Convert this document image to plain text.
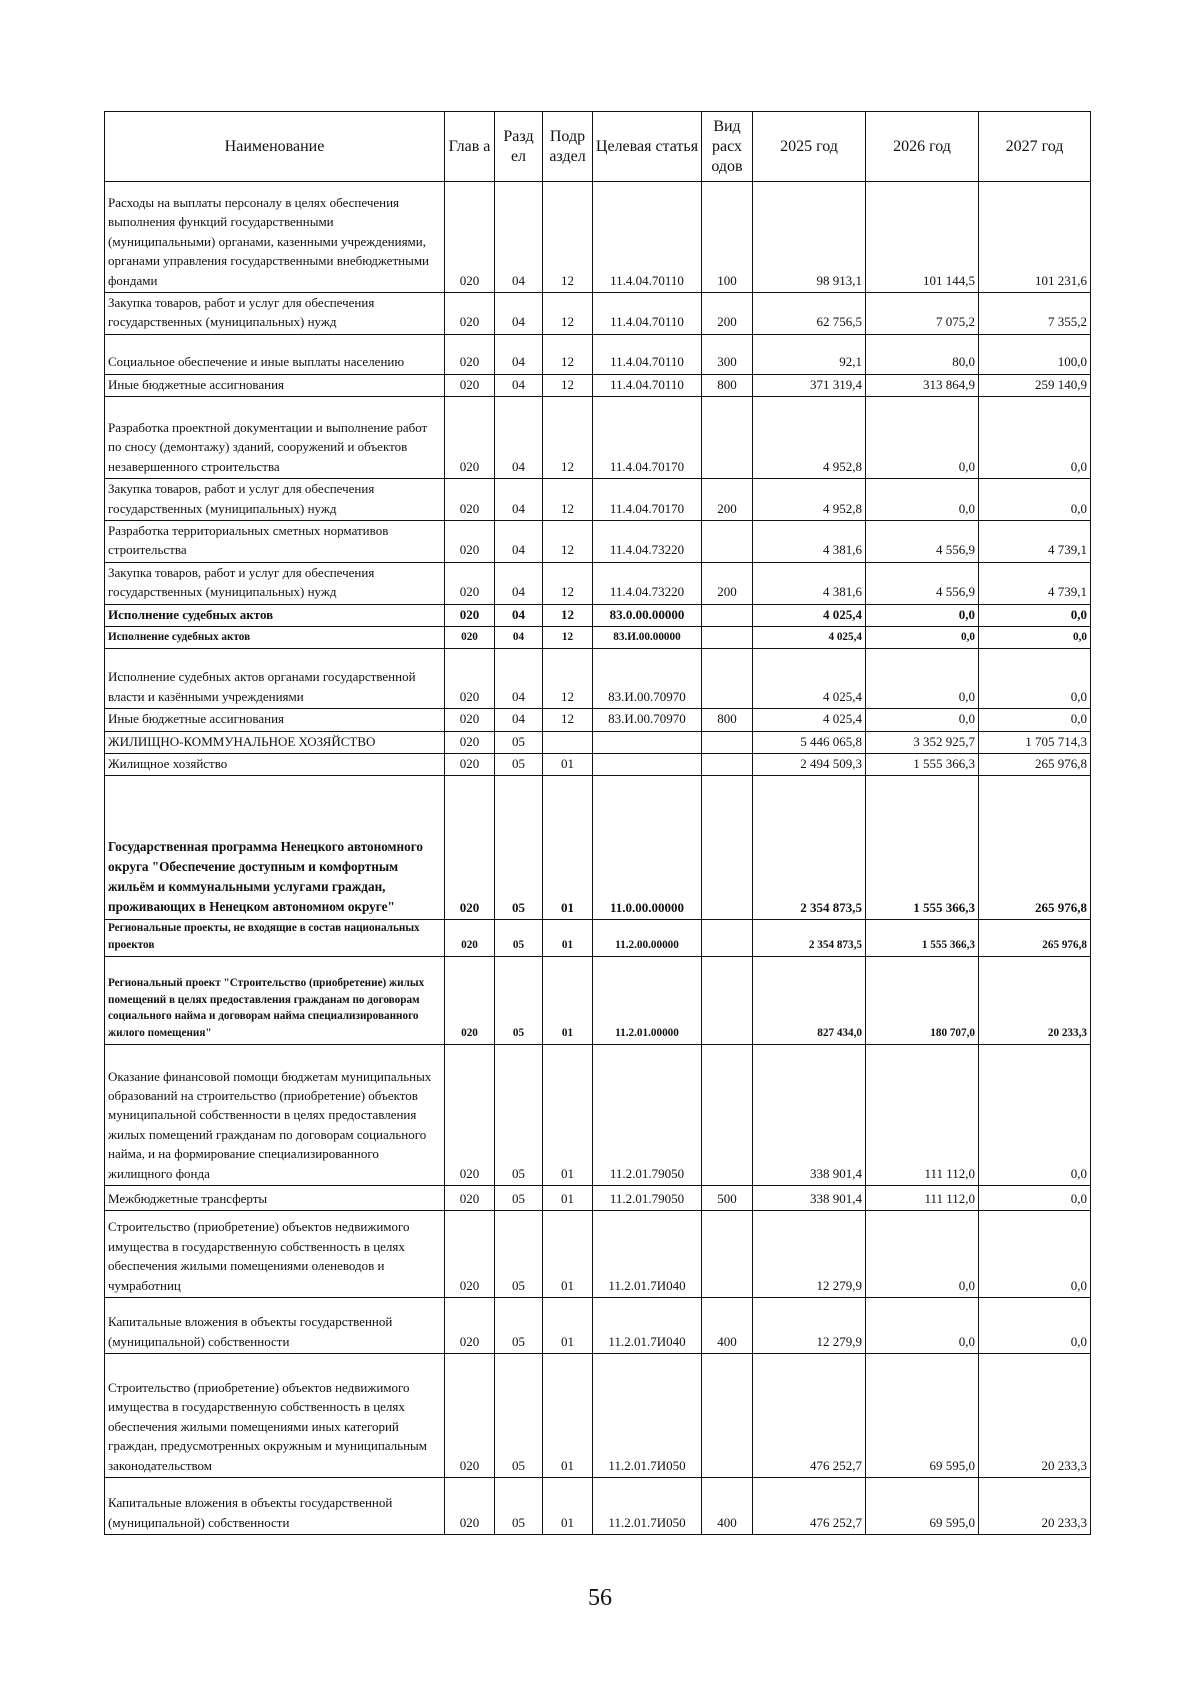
Наименование	Глав а	Разд ел	Подр аздел	Целевая статья	Вид расх одов	2025 год	2026 год	2027 год
Расходы на выплаты персоналу в целях обеспечения выполнения функций государственными (муниципальными) органами, казенными учреждениями, органами управления государственными внебюджетными фондами	020	04	12	11.4.04.70110	100	98 913,1	101 144,5	101 231,6
Закупка товаров, работ и услуг для обеспечения государственных (муниципальных) нужд	020	04	12	11.4.04.70110	200	62 756,5	7 075,2	7 355,2
Социальное обеспечение и иные выплаты населению	020	04	12	11.4.04.70110	300	92,1	80,0	100,0
Иные бюджетные ассигнования	020	04	12	11.4.04.70110	800	371 319,4	313 864,9	259 140,9
Разработка проектной документации и выполнение работ по сносу (демонтажу) зданий, сооружений и объектов незавершенного строительства	020	04	12	11.4.04.70170		4 952,8	0,0	0,0
Закупка товаров, работ и услуг для обеспечения государственных (муниципальных) нужд	020	04	12	11.4.04.70170	200	4 952,8	0,0	0,0
Разработка территориальных сметных нормативов строительства	020	04	12	11.4.04.73220		4 381,6	4 556,9	4 739,1
Закупка товаров, работ и услуг для обеспечения государственных (муниципальных) нужд	020	04	12	11.4.04.73220	200	4 381,6	4 556,9	4 739,1
Исполнение судебных актов	020	04	12	83.0.00.00000		4 025,4	0,0	0,0
Исполнение судебных актов	020	04	12	83.И.00.00000		4 025,4	0,0	0,0
Исполнение судебных актов органами государственной власти и казёнными учреждениями	020	04	12	83.И.00.70970		4 025,4	0,0	0,0
Иные бюджетные ассигнования	020	04	12	83.И.00.70970	800	4 025,4	0,0	0,0
ЖИЛИЩНО-КОММУНАЛЬНОЕ ХОЗЯЙСТВО	020	05				5 446 065,8	3 352 925,7	1 705 714,3
Жилищное хозяйство	020	05	01			2 494 509,3	1 555 366,3	265 976,8
Государственная программа Ненецкого автономного округа "Обеспечение доступным и комфортным жильём и коммунальными услугами граждан, проживающих в Ненецком автономном округе"	020	05	01	11.0.00.00000		2 354 873,5	1 555 366,3	265 976,8
Региональные проекты, не входящие в состав национальных проектов	020	05	01	11.2.00.00000		2 354 873,5	1 555 366,3	265 976,8
Региональный проект "Строительство (приобретение) жилых помещений в целях предоставления гражданам по договорам социального найма и договорам найма специализированного жилого помещения"	020	05	01	11.2.01.00000		827 434,0	180 707,0	20 233,3
Оказание финансовой помощи бюджетам муниципальных образований на строительство (приобретение) объектов муниципальной собственности в целях предоставления жилых помещений гражданам по договорам социального найма, и на формирование специализированного жилищного фонда	020	05	01	11.2.01.79050		338 901,4	111 112,0	0,0
Межбюджетные трансферты	020	05	01	11.2.01.79050	500	338 901,4	111 112,0	0,0
Строительство (приобретение) объектов недвижимого имущества в государственную собственность в целях обеспечения жилыми помещениями оленеводов и чумработниц	020	05	01	11.2.01.7И040		12 279,9	0,0	0,0
Капитальные вложения в объекты государственной (муниципальной) собственности	020	05	01	11.2.01.7И040	400	12 279,9	0,0	0,0
Строительство (приобретение) объектов недвижимого имущества в государственную собственность в целях обеспечения жилыми помещениями иных категорий граждан, предусмотренных окружным и муниципальным законодательством	020	05	01	11.2.01.7И050		476 252,7	69 595,0	20 233,3
Капитальные вложения в объекты государственной (муниципальной) собственности	020	05	01	11.2.01.7И050	400	476 252,7	69 595,0	20 233,3
56
